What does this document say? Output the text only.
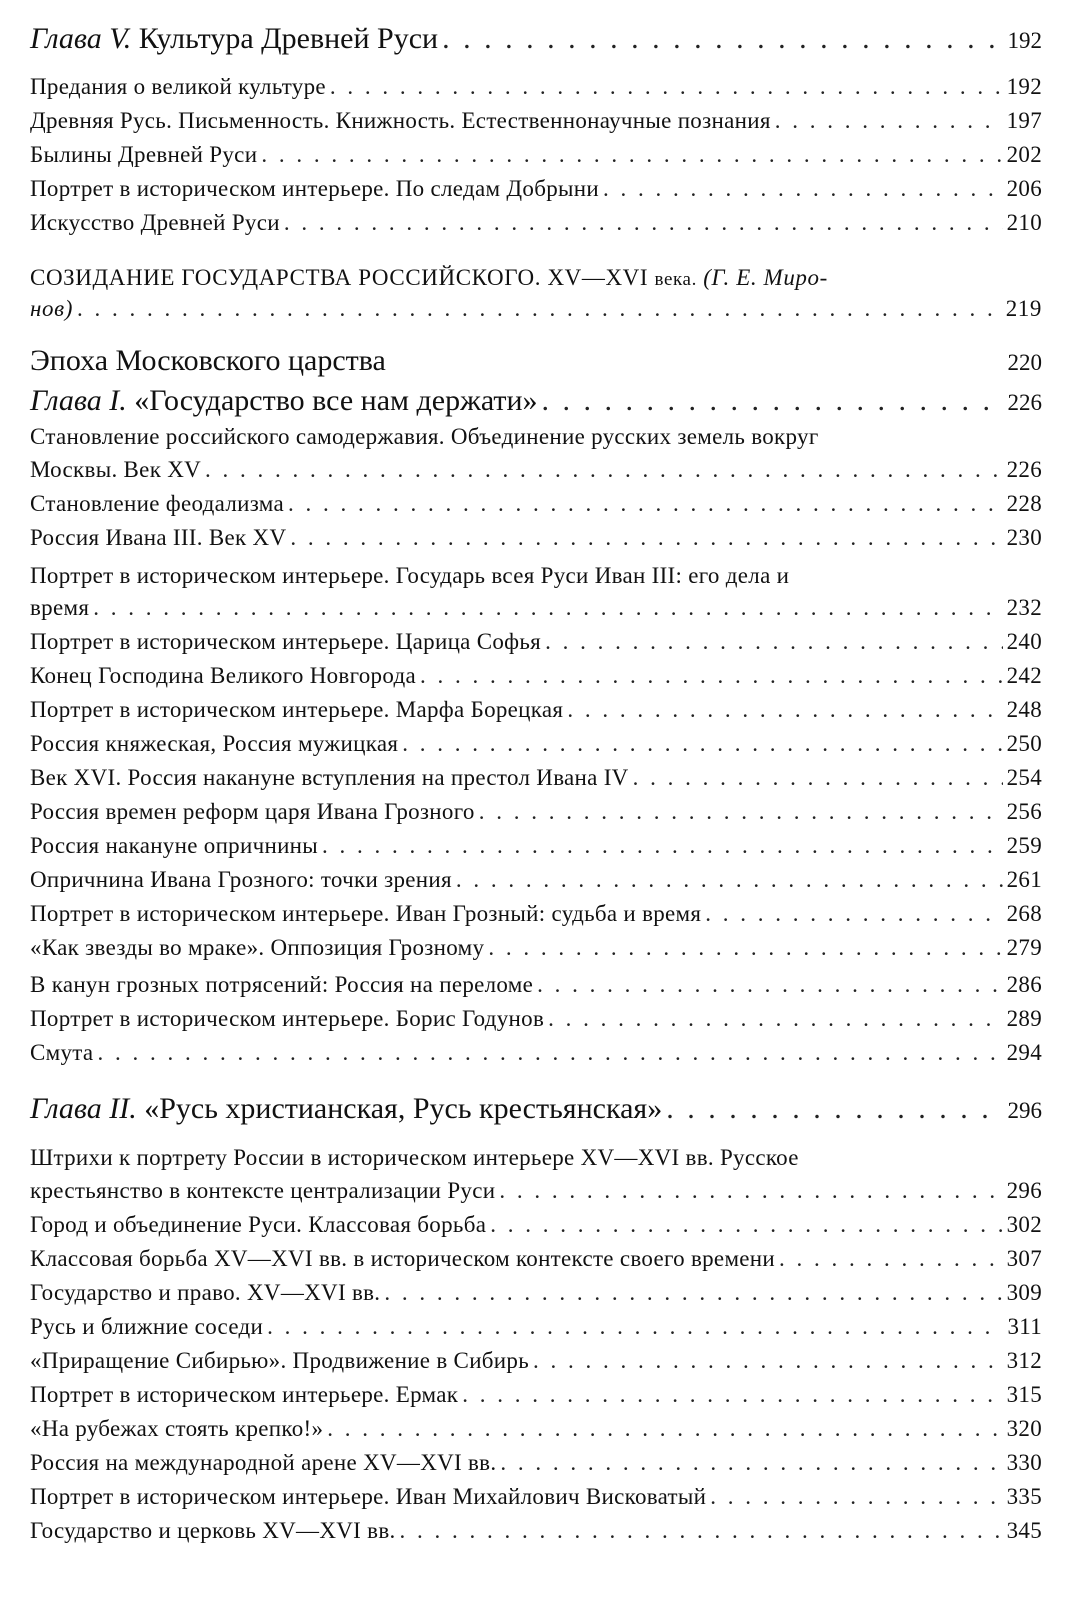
Глава V. Культура Древней Руси . . .	192
Предания о великой культуре . . .	192
Древняя Русь. Письменность. Книжность. Естественнонаучные познания . . .	197
Былины Древней Руси . . .	202
Портрет в историческом интерьере. По следам Добрыни . . .	206
Искусство Древней Руси . . .	210
СОЗИДАНИЕ ГОСУДАРСТВА РОССИЙСКОГО. XV—XVI века. (Г. Е. Миро-
нов) . . .	219
Эпоха Московского царства	220
Глава I. «Государство все нам держати» . . .	226
Становление российского самодержавия. Объединение русских земель вокруг
Москвы. Век XV . . .	226
Становление феодализма . . .	228
Россия Ивана III. Век XV . . .	230
Портрет в историческом интерьере. Государь всея Руси Иван III: его дела и
время . . .	232
Портрет в историческом интерьере. Царица Софья . . .	240
Конец Господина Великого Новгорода . . .	242
Портрет в историческом интерьере. Марфа Борецкая . . .	248
Россия княжеская, Россия мужицкая . . .	250
Век XVI. Россия накануне вступления на престол Ивана IV . . .	254
Россия времен реформ царя Ивана Грозного . . .	256
Россия накануне опричнины . . .	259
Опричнина Ивана Грозного: точки зрения . . .	261
Портрет в историческом интерьере. Иван Грозный: судьба и время . . .	268
«Как звезды во мраке». Оппозиция Грозному . . .	279
В канун грозных потрясений: Россия на переломе . . .	286
Портрет в историческом интерьере. Борис Годунов . . .	289
Смута . . .	294
Глава II. «Русь христианская, Русь крестьянская» . . .	296
Штрихи к портрету России в историческом интерьере XV—XVI вв. Русское
крестьянство в контексте централизации Руси . . .	296
Город и объединение Руси. Классовая борьба . . .	302
Классовая борьба XV—XVI вв. в историческом контексте своего времени . . .	307
Государство и право. XV—XVI вв. . . .	309
Русь и ближние соседи . . .	311
«Приращение Сибирью». Продвижение в Сибирь . . .	312
Портрет в историческом интерьере. Ермак . . .	315
«На рубежах стоять крепко!» . . .	320
Россия на международной арене XV—XVI вв. . . .	330
Портрет в историческом интерьере. Иван Михайлович Висковатый . . .	335
Государство и церковь XV—XVI вв. . . .	345
